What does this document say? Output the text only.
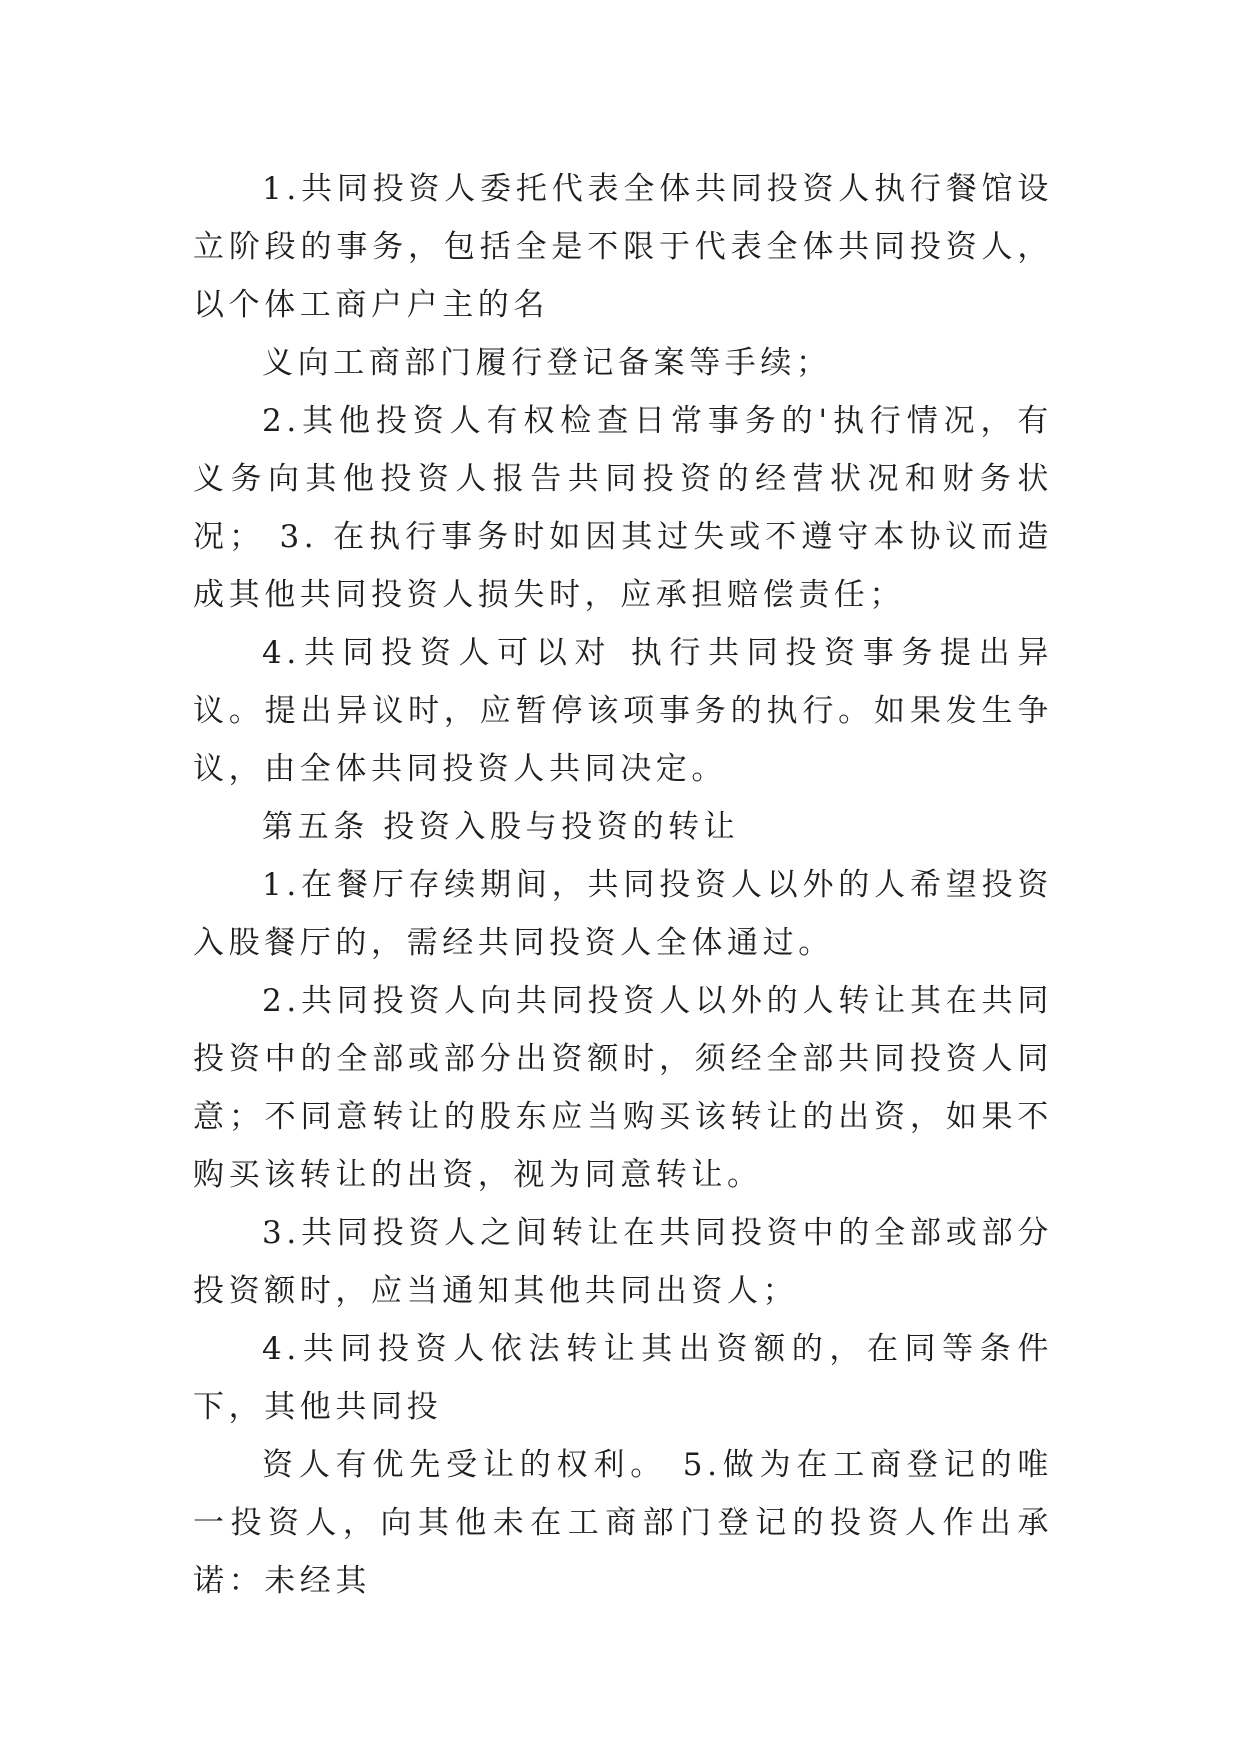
1.共同投资人委托代表全体共同投资人执行餐馆设立阶段的事务，包括全是不限于代表全体共同投资人，以个体工商户户主的名

义向工商部门履行登记备案等手续；

2.其他投资人有权检查日常事务的'执行情况，有义务向其他投资人报告共同投资的经营状况和财务状况； 3. 在执行事务时如因其过失或不遵守本协议而造成其他共同投资人损失时，应承担赔偿责任；

4.共同投资人可以对 执行共同投资事务提出异议。提出异议时，应暂停该项事务的执行。如果发生争议，由全体共同投资人共同决定。

第五条 投资入股与投资的转让

1.在餐厅存续期间，共同投资人以外的人希望投资入股餐厅的，需经共同投资人全体通过。

2.共同投资人向共同投资人以外的人转让其在共同投资中的全部或部分出资额时，须经全部共同投资人同意；不同意转让的股东应当购买该转让的出资，如果不购买该转让的出资，视为同意转让。

3.共同投资人之间转让在共同投资中的全部或部分投资额时，应当通知其他共同出资人；

4.共同投资人依法转让其出资额的，在同等条件下，其他共同投

资人有优先受让的权利。 5.做为在工商登记的唯一投资人，向其他未在工商部门登记的投资人作出承诺：未经其
